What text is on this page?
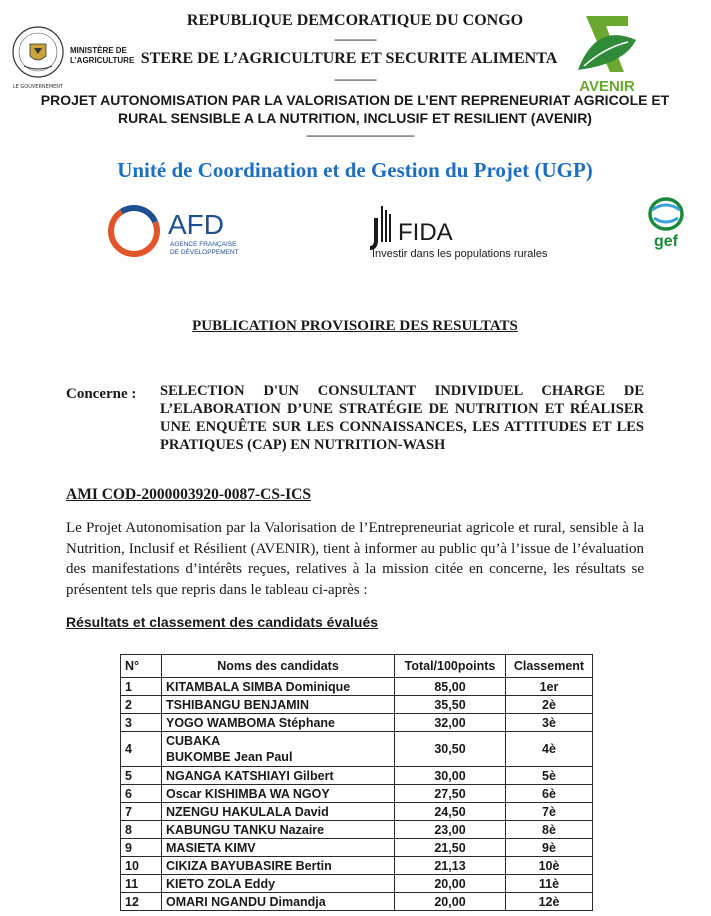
LE GOUVERNEMENT
MINISTÈRE DE L’AGRICULTURE
AVENIR
REPUBLIQUE DEMCORATIQUE DU CONGO
--------------
STERE DE L’AGRICULTURE ET SECURITE ALIMENTA
--------------
PROJET AUTONOMISATION PAR LA VALORISATION DE L’ENT REPRENEURIAT AGRICOLE ET
RURAL SENSIBLE A LA NUTRITION, INCLUSIF ET RESILIENT (AVENIR)
------------------------------------
Unité de Coordination et de Gestion du Projet (UGP)
AFD
AGENCE FRANÇAISE
DE DÉVELOPPEMENT
FIDA
Investir dans les populations rurales
gef
PUBLICATION PROVISOIRE DES RESULTATS
Concerne : SELECTION D'UN CONSULTANT INDIVIDUEL CHARGE DE L’ELABORATION D’UNE STRATÉGIE DE NUTRITION ET RÉALISER UNE ENQUÊTE SUR LES CONNAISSANCES, LES ATTITUDES ET LES PRATIQUES (CAP) EN NUTRITION-WASH
AMI COD-2000003920-0087-CS-ICS
Le Projet Autonomisation par la Valorisation de l’Entrepreneuriat agricole et rural, sensible à la Nutrition, Inclusif et Résilient (AVENIR), tient à informer au public qu’à l’issue de l’évaluation des manifestations d’intérêts reçues, relatives à la mission citée en concerne, les résultats se présentent tels que repris dans le tableau ci-après :
Résultats et classement des candidats évalués
N°	Noms des candidats	Total/100points	Classement
1	KITAMBALA SIMBA Dominique	85,00	1er
2	TSHIBANGU BENJAMIN	35,50	2è
3	YOGO WAMBOMA Stéphane	32,00	3è
4	CUBAKA
BUKOMBE Jean Paul	30,50	4è
5	NGANGA KATSHIAYI Gilbert	30,00	5è
6	Oscar KISHIMBA WA NGOY	27,50	6è
7	NZENGU HAKULALA David	24,50	7è
8	KABUNGU TANKU Nazaire	23,00	8è
9	MASIETA KIMV	21,50	9è
10	CIKIZA BAYUBASIRE Bertin	21,13	10è
11	KIETO ZOLA Eddy	20,00	11è
12	OMARI NGANDU Dimandja	20,00	12è
